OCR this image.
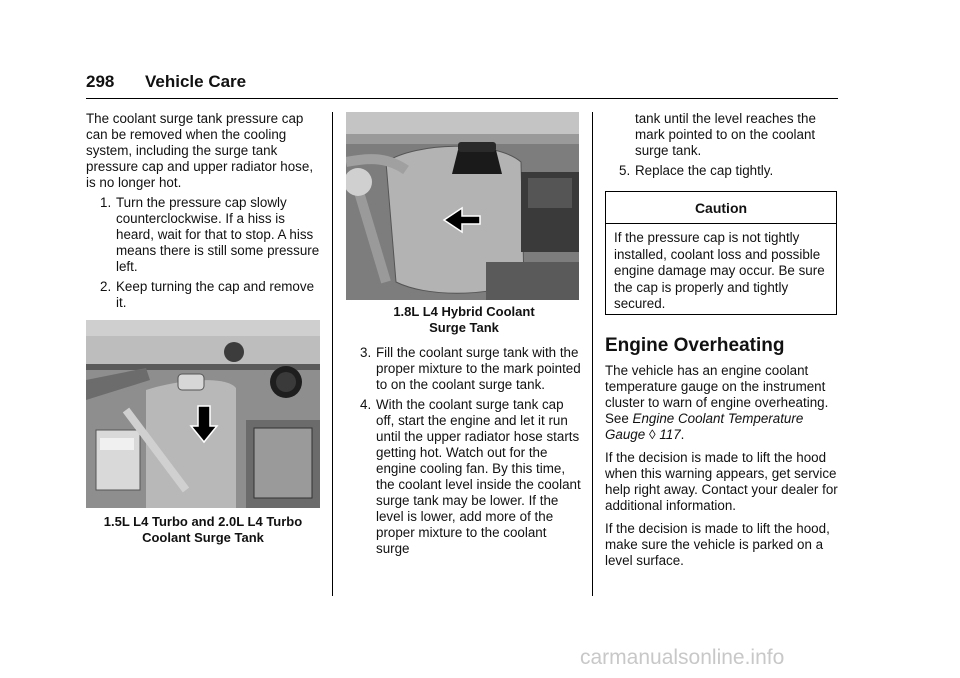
298 Vehicle Care

The coolant surge tank pressure cap can be removed when the cooling system, including the surge tank pressure cap and upper radiator hose, is no longer hot.

1. Turn the pressure cap slowly counterclockwise. If a hiss is heard, wait for that to stop. A hiss means there is still some pressure left.
2. Keep turning the cap and remove it.
1.5L L4 Turbo and 2.0L L4 Turbo
Coolant Surge Tank
1.8L L4 Hybrid Coolant
Surge Tank
3. Fill the coolant surge tank with the proper mixture to the mark pointed to on the coolant surge tank.
4. With the coolant surge tank cap off, start the engine and let it run until the upper radiator hose starts getting hot. Watch out for the engine cooling fan. By this time, the coolant level inside the coolant surge tank may be lower. If the level is lower, add more of the proper mixture to the coolant surge
tank until the level reaches the mark pointed to on the coolant surge tank.
5. Replace the cap tightly.
Caution
If the pressure cap is not tightly installed, coolant loss and possible engine damage may occur. Be sure the cap is properly and tightly secured.
Engine Overheating

The vehicle has an engine coolant temperature gauge on the instrument cluster to warn of engine overheating. See Engine Coolant Temperature Gauge ◊ 117.

If the decision is made to lift the hood when this warning appears, get service help right away. Contact your dealer for additional information.

If the decision is made to lift the hood, make sure the vehicle is parked on a level surface.

carmanualsonline.info
